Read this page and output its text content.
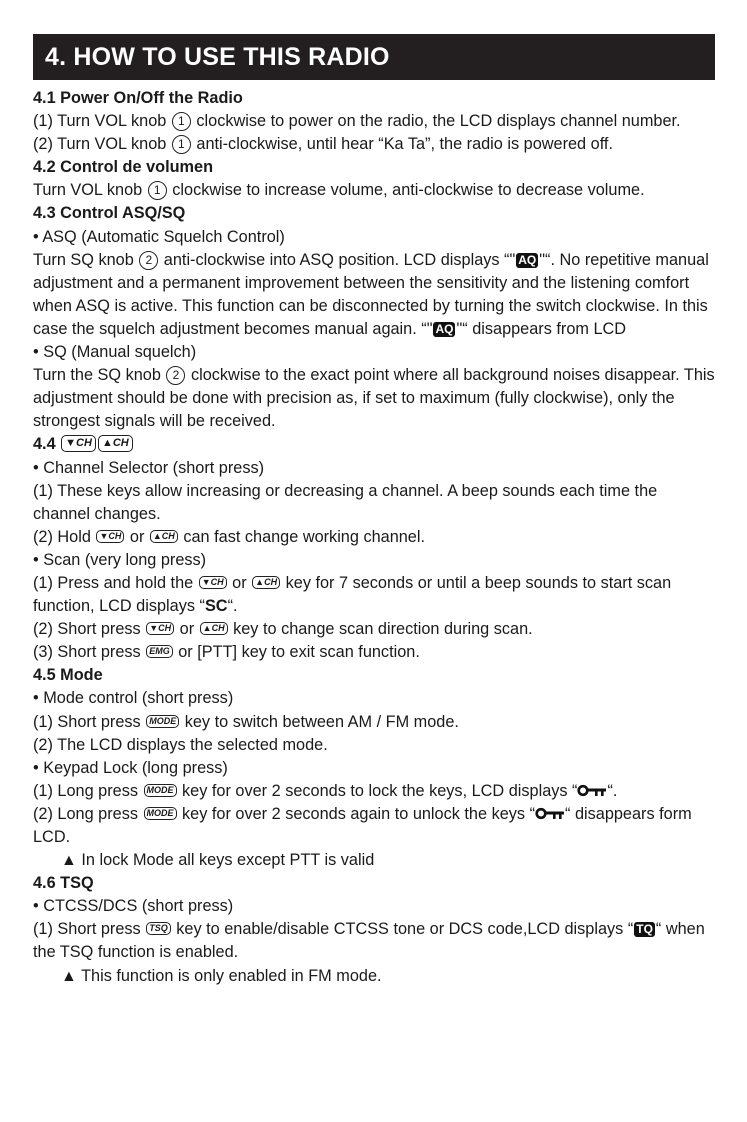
4. HOW TO USE THIS RADIO

4.1 Power On/Off the Radio

(1) Turn VOL knob 1 clockwise to power on the radio, the LCD displays channel number.

(2) Turn VOL knob 1 anti-clockwise, until hear “Ka Ta”, the radio is powered off.

4.2 Control de volumen

Turn VOL knob 1 clockwise to increase volume, anti-clockwise to decrease volume.

4.3 Control ASQ/SQ

• ASQ (Automatic Squelch Control)

Turn SQ knob 2 anti-clockwise into ASQ position. LCD displays “" AQ "“. No repetitive manual adjustment and a permanent improvement between the sensitivity and the listening comfort when ASQ is active. This function can be disconnected by turning the switch clockwise. In this case the squelch adjustment becomes manual again. “" AQ "“ disappears from LCD

• SQ (Manual squelch)

Turn the SQ knob 2 clockwise to the exact point where all background noises disappear. This adjustment should be done with precision as, if set to maximum (fully clockwise), only the strongest signals will be received.

4.4 ▼CH ▲CH

• Channel Selector (short press)

(1) These keys allow increasing or decreasing a channel. A beep sounds each time the channel changes.

(2) Hold ▼CH or ▲CH can fast change working channel.

• Scan (very long press)

(1) Press and hold the ▼CH or ▲CH key for 7 seconds or until a beep sounds to start scan function, LCD displays “SC“.

(2) Short press ▼CH or ▲CH key to change scan direction during scan.

(3) Short press EMG or [PTT] key to exit scan function.

4.5 Mode

• Mode control (short press)

(1) Short press MODE key to switch between AM / FM mode.

(2) The LCD displays the selected mode.

• Keypad Lock (long press)

(1) Long press MODE key for over 2 seconds to lock the keys, LCD displays “ “.

(2) Long press MODE key for over 2 seconds again to unlock the keys “ “ disappears form LCD.

▲ In lock Mode all keys except PTT is valid

4.6 TSQ

• CTCSS/DCS (short press)

(1) Short press TSQ key to enable/disable CTCSS tone or DCS code,LCD displays “ TQ “ when the TSQ function is enabled.

▲ This function is only enabled in FM mode.
